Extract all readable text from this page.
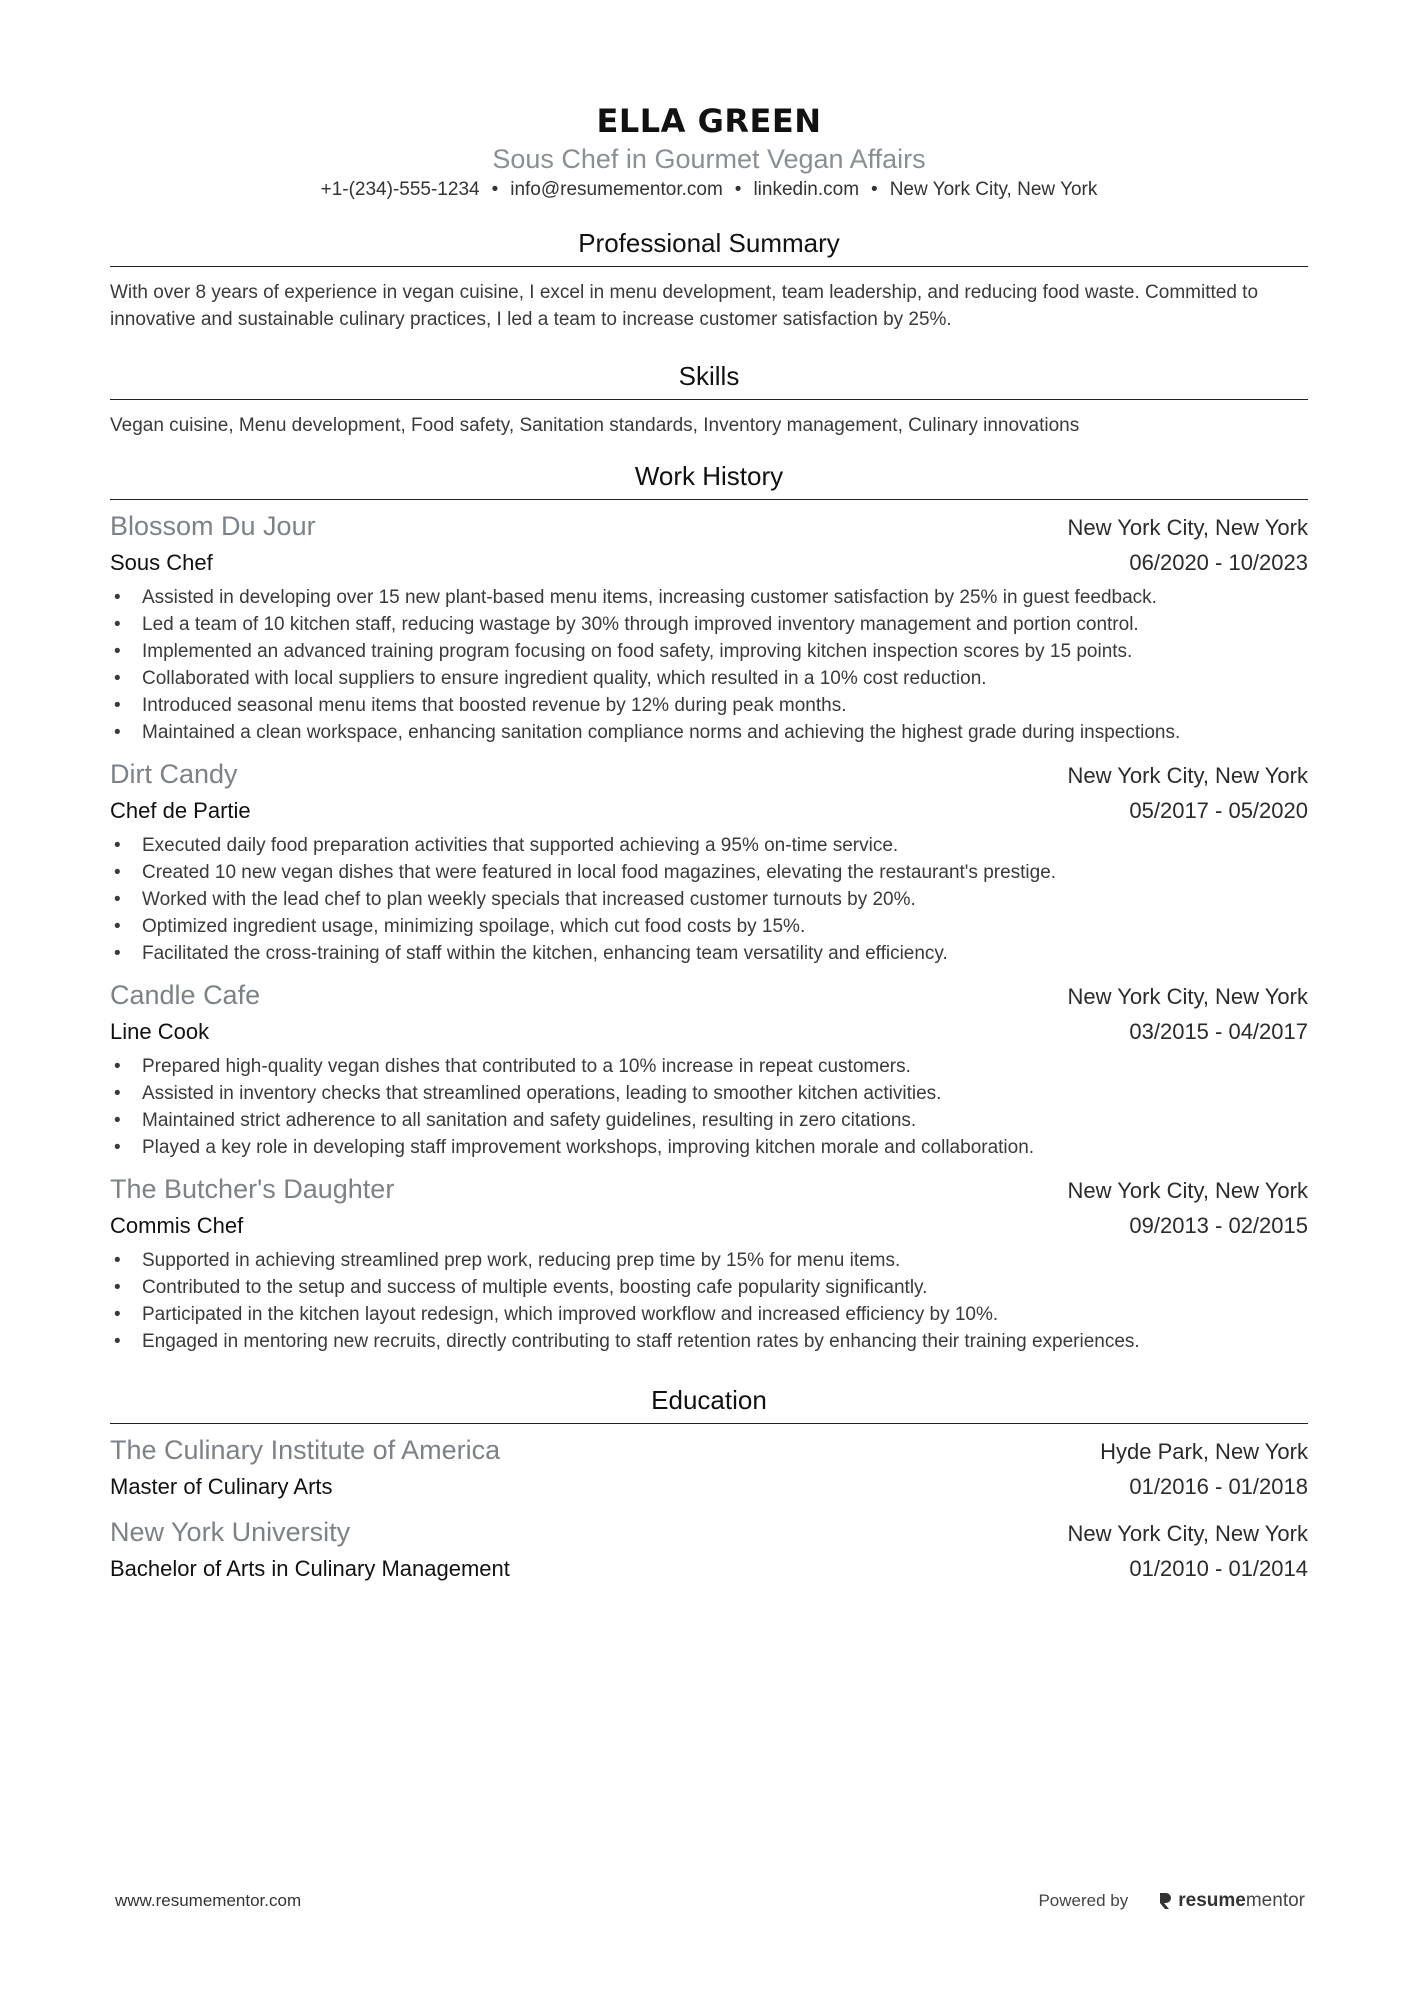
ELLA GREEN
Sous Chef in Gourmet Vegan Affairs
+1-(234)-555-1234 • info@resumementor.com • linkedin.com • New York City, New York
Professional Summary
With over 8 years of experience in vegan cuisine, I excel in menu development, team leadership, and reducing food waste. Committed to innovative and sustainable culinary practices, I led a team to increase customer satisfaction by 25%.
Skills
Vegan cuisine, Menu development, Food safety, Sanitation standards, Inventory management, Culinary innovations
Work History
Blossom Du Jour	New York City, New York
Sous Chef	06/2020 - 10/2023
• Assisted in developing over 15 new plant-based menu items, increasing customer satisfaction by 25% in guest feedback.
• Led a team of 10 kitchen staff, reducing wastage by 30% through improved inventory management and portion control.
• Implemented an advanced training program focusing on food safety, improving kitchen inspection scores by 15 points.
• Collaborated with local suppliers to ensure ingredient quality, which resulted in a 10% cost reduction.
• Introduced seasonal menu items that boosted revenue by 12% during peak months.
• Maintained a clean workspace, enhancing sanitation compliance norms and achieving the highest grade during inspections.
Dirt Candy	New York City, New York
Chef de Partie	05/2017 - 05/2020
• Executed daily food preparation activities that supported achieving a 95% on-time service.
• Created 10 new vegan dishes that were featured in local food magazines, elevating the restaurant's prestige.
• Worked with the lead chef to plan weekly specials that increased customer turnouts by 20%.
• Optimized ingredient usage, minimizing spoilage, which cut food costs by 15%.
• Facilitated the cross-training of staff within the kitchen, enhancing team versatility and efficiency.
Candle Cafe	New York City, New York
Line Cook	03/2015 - 04/2017
• Prepared high-quality vegan dishes that contributed to a 10% increase in repeat customers.
• Assisted in inventory checks that streamlined operations, leading to smoother kitchen activities.
• Maintained strict adherence to all sanitation and safety guidelines, resulting in zero citations.
• Played a key role in developing staff improvement workshops, improving kitchen morale and collaboration.
The Butcher's Daughter	New York City, New York
Commis Chef	09/2013 - 02/2015
• Supported in achieving streamlined prep work, reducing prep time by 15% for menu items.
• Contributed to the setup and success of multiple events, boosting cafe popularity significantly.
• Participated in the kitchen layout redesign, which improved workflow and increased efficiency by 10%.
• Engaged in mentoring new recruits, directly contributing to staff retention rates by enhancing their training experiences.
Education
The Culinary Institute of America	Hyde Park, New York
Master of Culinary Arts	01/2016 - 01/2018
New York University	New York City, New York
Bachelor of Arts in Culinary Management	01/2010 - 01/2014
www.resumementor.com	Powered by	resume mentor
